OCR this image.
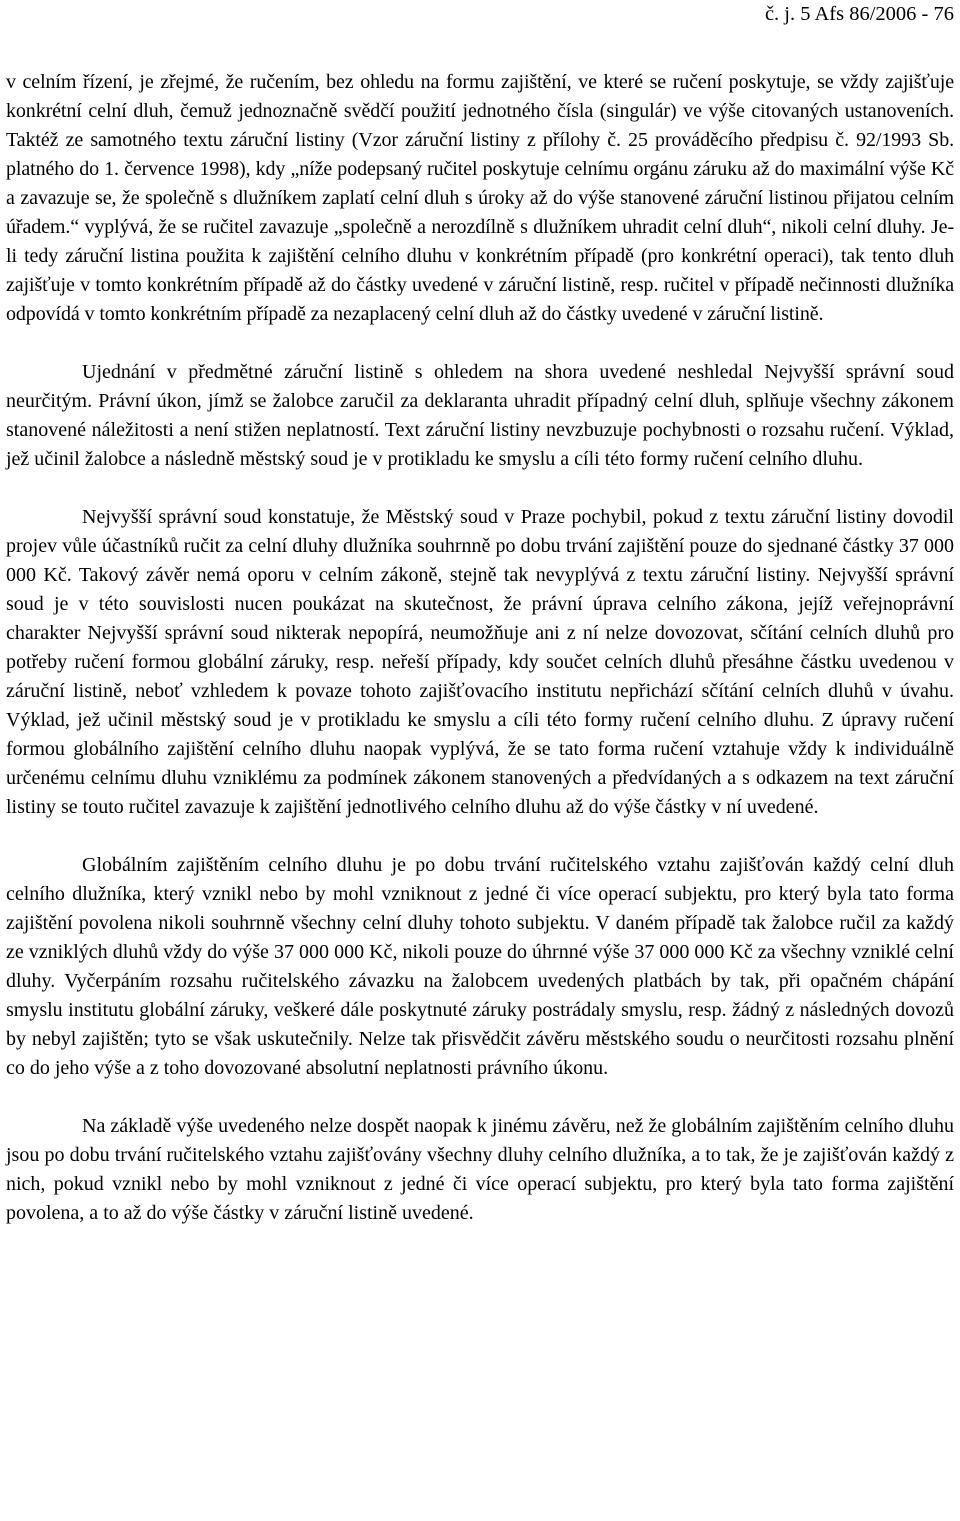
č. j. 5 Afs 86/2006 - 76

v celním řízení, je zřejmé, že ručením, bez ohledu na formu zajištění, ve které se ručení poskytuje, se vždy zajišťuje konkrétní celní dluh, čemuž jednoznačně svědčí použití jednotného čísla (singulár) ve výše citovaných ustanoveních. Taktéž ze samotného textu záruční listiny (Vzor záruční listiny z přílohy č. 25 prováděcího předpisu č. 92/1993 Sb. platného do 1. července 1998), kdy „níže podepsaný ručitel poskytuje celnímu orgánu záruku až do maximální výše Kč a zavazuje se, že společně s dlužníkem zaplatí celní dluh s úroky až do výše stanovené záruční listinou přijatou celním úřadem.“ vyplývá, že se ručitel zavazuje „společně a nerozdílně s dlužníkem uhradit celní dluh“, nikoli celní dluhy. Je-li tedy záruční listina použita k zajištění celního dluhu v konkrétním případě (pro konkrétní operaci), tak tento dluh zajišťuje v tomto konkrétním případě až do částky uvedené v záruční listině, resp. ručitel v případě nečinnosti dlužníka odpovídá v tomto konkrétním případě za nezaplacený celní dluh až do částky uvedené v záruční listině.

Ujednání v předmětné záruční listině s ohledem na shora uvedené neshledal Nejvyšší správní soud neurčitým. Právní úkon, jímž se žalobce zaručil za deklaranta uhradit případný celní dluh, splňuje všechny zákonem stanovené náležitosti a není stižen neplatností. Text záruční listiny nevzbuzuje pochybnosti o rozsahu ručení. Výklad, jež učinil žalobce a následně městský soud je v protikladu ke smyslu a cíli této formy ručení celního dluhu.

Nejvyšší správní soud konstatuje, že Městský soud v Praze pochybil, pokud z textu záruční listiny dovodil projev vůle účastníků ručit za celní dluhy dlužníka souhrnně po dobu trvání zajištění pouze do sjednané částky 37 000 000 Kč. Takový závěr nemá oporu v celním zákoně, stejně tak nevyplývá z textu záruční listiny. Nejvyšší správní soud je v této souvislosti nucen poukázat na skutečnost, že právní úprava celního zákona, jejíž veřejnoprávní charakter Nejvyšší správní soud nikterak nepopírá, neumožňuje ani z ní nelze dovozovat, sčítání celních dluhů pro potřeby ručení formou globální záruky, resp. neřeší případy, kdy součet celních dluhů přesáhne částku uvedenou v záruční listině, neboť vzhledem k povaze tohoto zajišťovacího institutu nepřichází sčítání celních dluhů v úvahu. Výklad, jež učinil městský soud je v protikladu ke smyslu a cíli této formy ručení celního dluhu. Z úpravy ručení formou globálního zajištění celního dluhu naopak vyplývá, že se tato forma ručení vztahuje vždy k individuálně určenému celnímu dluhu vzniklému za podmínek zákonem stanovených a předvídaných a s odkazem na text záruční listiny se touto ručitel zavazuje k zajištění jednotlivého celního dluhu až do výše částky v ní uvedené.

Globálním zajištěním celního dluhu je po dobu trvání ručitelského vztahu zajišťován každý celní dluh celního dlužníka, který vznikl nebo by mohl vzniknout z jedné či více operací subjektu, pro který byla tato forma zajištění povolena nikoli souhrnně všechny celní dluhy tohoto subjektu. V daném případě tak žalobce ručil za každý ze vzniklých dluhů vždy do výše 37 000 000 Kč, nikoli pouze do úhrnné výše 37 000 000 Kč za všechny vzniklé celní dluhy. Vyčerpáním rozsahu ručitelského závazku na žalobcem uvedených platbách by tak, při opačném chápání smyslu institutu globální záruky, veškeré dále poskytnuté záruky postrádaly smyslu, resp. žádný z následných dovozů by nebyl zajištěn; tyto se však uskutečnily. Nelze tak přisvědčit závěru městského soudu o neurčitosti rozsahu plnění co do jeho výše a z toho dovozované absolutní neplatnosti právního úkonu.

Na základě výše uvedeného nelze dospět naopak k jinému závěru, než že globálním zajištěním celního dluhu jsou po dobu trvání ručitelského vztahu zajišťovány všechny dluhy celního dlužníka, a to tak, že je zajišťován každý z nich, pokud vznikl nebo by mohl vzniknout z jedné či více operací subjektu, pro který byla tato forma zajištění povolena, a to až do výše částky v záruční listině uvedené.
